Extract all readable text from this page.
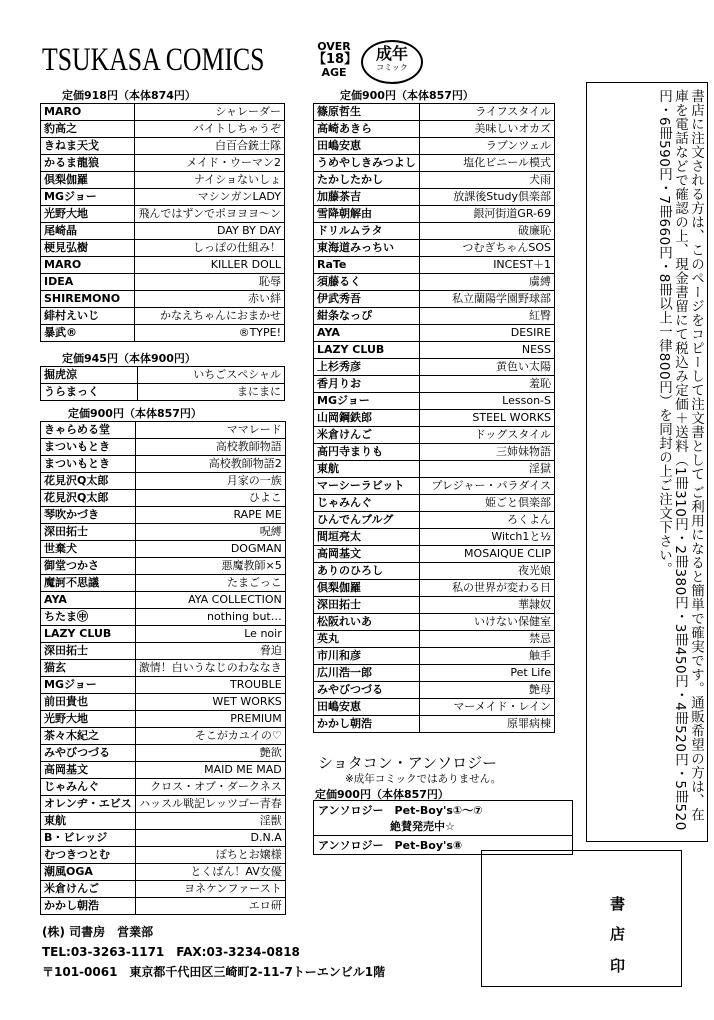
TSUKASA COMICS	OVER
【18】
AGE
成年
コミック
定価918円（本体874円）
MARO	シャレーダー
豹高之	バイトしちゃうぞ
きねま天戈	白百合銃士隊
かるま龍狼	メイド・ウーマン2
倶梨伽羅	ナイショないしょ
MGジョー	マシンガンLADY
光野大地	飛んではずンでポヨヨヨ〜ン
尾崎晶	DAY BY DAY
梗見弘樹	しっぽの仕組み！
MARO	KILLER DOLL
IDEA	恥辱
SHIREMONO	赤い絆
緋村えいじ	かなえちゃんにおまかせ
暴武®	®TYPE!
定価945円（本体900円）
掘虎涼	いちごスペシャル
うらまっく	まにまに
定価900円（本体857円）
きゃらめる堂	ママレード
まついもとき	高校教師物語
まついもとき	高校教師物語2
花見沢Q太郎	月家の一族
花見沢Q太郎	ひよこ
琴吹かづき	RAPE ME
深田拓士	呪縛
世棄犬	DOGMAN
御堂つかさ	悪魔教師×5
魔訶不思議	たまごっこ
AYA	AYA COLLECTION
ちたま㊥	nothing but…
LAZY CLUB	Le noir
深田拓士	脅迫
猫玄	激情！白いうなじのわななき
MGジョー	TROUBLE
前田貴也	WET WORKS
光野大地	PREMIUM
茶々木紀之	そこがカユイの♡
みやびつづる	艶欲
高岡基文	MAID ME MAD
じゃみんぐ	クロス・オブ・ダークネス
オレンヂ・エビス	ハッスル戦記レッツゴー青春
東航	淫獣
B・ビレッジ	D.N.A
むつきつとむ	ぽちとお嬢様
潮風OGA	とくばん！AV女優
米倉けんご	ヨネケンファースト
かかし朝浩	エロ研
定価900円（本体857円）
篠原哲生	ライフスタイル
高崎あきら	美味しいオカズ
田嶋安恵	ラブンツェル
うめやしきみつよし	塩化ビニール模式
たかしたかし	犬雨
加藤茶吉	放課後Study倶楽部
雪降朝解由	銀河街道GR-69
ドリルムラタ	破廉恥
東海道みっちい	つむぎちゃんSOS
RaTe	INCEST＋1
須藤るく	虜縛
伊武秀吾	私立蘭陽学園野球部
紺条なっぴ	紅臀
AYA	DESIRE
LAZY CLUB	NESS
上杉秀彦	黄色い太陽
香月りお	羞恥
MGジョー	Lesson-S
山岡鋼鉄郎	STEEL WORKS
米倉けんご	ドッグスタイル
高円寺まりも	三姉妹物語
東航	淫獄
マーシーラビット	プレジャー・パラダイス
じゃみんぐ	姫ごと倶楽部
ひんでんブルグ	ろくよん
間垣亮太	Witch1と½
高岡基文	MOSAIQUE CLIP
ありのひろし	夜光娘
倶梨伽羅	私の世界が変わる日
深田拓士	華隷奴
松阪れいあ	いけない保健室
英丸	禁忌
市川和彦	触手
広川浩一郎	Pet Life
みやびつづる	艶母
田嶋安恵	マーメイド・レイン
かかし朝浩	原罪病棟
ショタコン・アンソロジー
※成年コミックではありません。
定価900円（本体857円）
アンソロジー　Pet-Boy's①〜⑦
絶賛発売中☆
アンソロジー　Pet-Boy's⑧
書店に注文される方は、このページをコピーして注文書として ご利用になると簡単で確実です。通販希望の方は、在庫を電話などで確認の上、現金書留にて税込み定価＋送料（1冊310円・2冊380円・3冊450円・4冊520円・5冊520円・6冊590円・7冊660円・8冊以上一律800円）を同封の上ご注文下さい。
書
店
印
(株) 司書房　営業部
TEL:03-3263-1171　FAX:03-3234-0818
〒101-0061　東京都千代田区三崎町2-11-7トーエンビル1階
